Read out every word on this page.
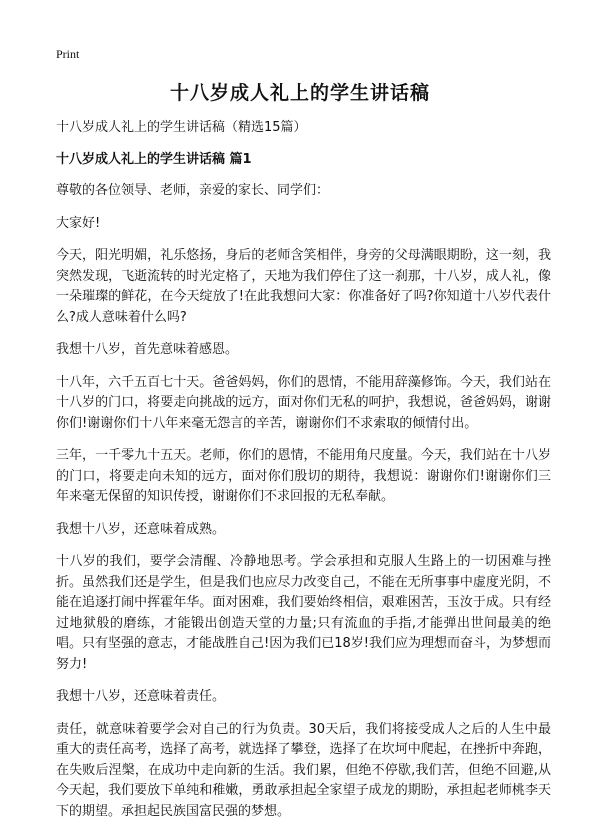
Print
十八岁成人礼上的学生讲话稿

十八岁成人礼上的学生讲话稿（精选15篇）

十八岁成人礼上的学生讲话稿 篇1

尊敬的各位领导、老师，亲爱的家长、同学们：

大家好!

今天，阳光明媚，礼乐悠扬，身后的老师含笑相伴，身旁的父母满眼期盼，这一刻，我突然发现，飞逝流转的时光定格了，天地为我们停住了这一刹那，十八岁，成人礼，像一朵璀璨的鲜花，在今天绽放了!在此我想问大家：你准备好了吗?你知道十八岁代表什么?成人意味着什么吗?

我想十八岁，首先意味着感恩。

十八年，六千五百七十天。爸爸妈妈，你们的恩情，不能用辞藻修饰。今天，我们站在十八岁的门口，将要走向挑战的远方，面对你们无私的呵护，我想说，爸爸妈妈，谢谢你们!谢谢你们十八年来毫无怨言的辛苦，谢谢你们不求索取的倾情付出。

三年，一千零九十五天。老师，你们的恩情，不能用角尺度量。今天，我们站在十八岁的门口，将要走向未知的远方，面对你们殷切的期待，我想说：谢谢你们!谢谢你们三年来毫无保留的知识传授，谢谢你们不求回报的无私奉献。

我想十八岁，还意味着成熟。

十八岁的我们，要学会清醒、冷静地思考。学会承担和克服人生路上的一切困难与挫折。虽然我们还是学生，但是我们也应尽力改变自己，不能在无所事事中虚度光阴，不能在追逐打闹中挥霍年华。面对困难，我们要始终相信，艰难困苦，玉汝于成。只有经过地狱般的磨练，才能锻出创造天堂的力量;只有流血的手指,才能弹出世间最美的绝唱。只有坚强的意志，才能战胜自己!因为我们已18岁!我们应为理想而奋斗，为梦想而努力!

我想十八岁，还意味着责任。

责任，就意味着要学会对自己的行为负责。30天后，我们将接受成人之后的人生中最重大的责任高考，选择了高考，就选择了攀登，选择了在坎坷中爬起，在挫折中奔跑，在失败后涅槃，在成功中走向新的生活。我们累，但绝不停歇,我们苦，但绝不回避,从今天起，我们要放下单纯和稚嫩，勇敢承担起全家望子成龙的期盼，承担起老师桃李天下的期望。承担起民族国富民强的梦想。
